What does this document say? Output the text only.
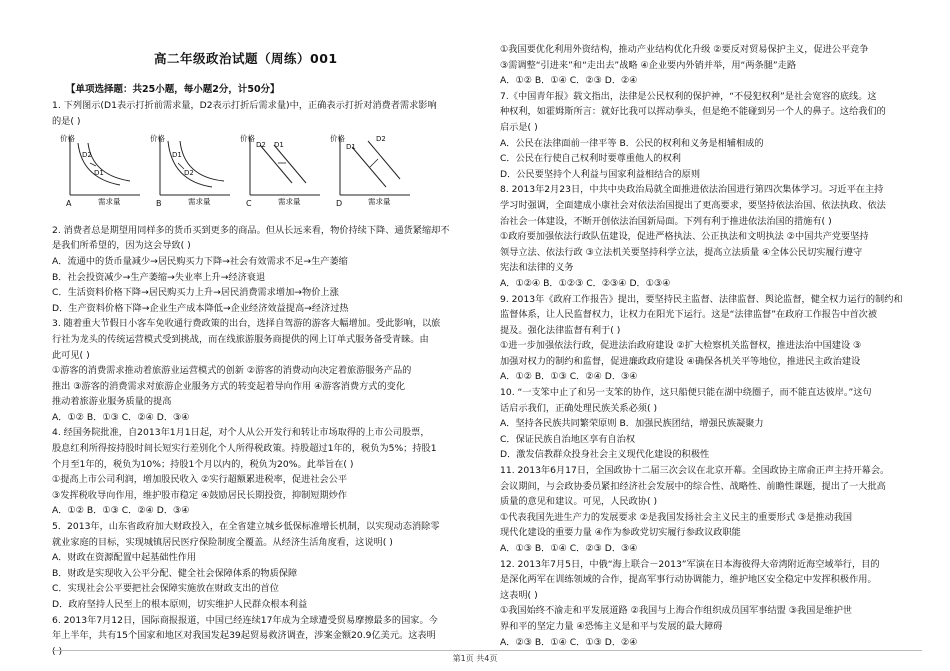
高二年级政治试题（周练）001
【单项选择题：共25小题，每小题2分，计50分】

1. 下列图示(D1表示打折前需求量，D2表示打折后需求量)中，正确表示打折对消费者需求影响

的是( )

2. 消费者总是期望用同样多的货币买到更多的商品。但从长远来看，物价持续下降、通货紧缩却不

是我们所希望的，因为这会导致( )

A．流通中的货币量减少→居民购买力下降→社会有效需求不足→生产萎缩

B．社会投资减少→生产萎缩→失业率上升→经济衰退

C．生活资料价格下降→居民购买力上升→居民消费需求增加→物价上涨

D．生产资料价格下降→企业生产成本降低→企业经济效益提高→经济过热

3. 随着重大节假日小客车免收通行费政策的出台，选择自驾游的游客大幅增加。受此影响，以旅

行社为龙头的传统运营模式受到挑战，而在线旅游服务商提供的网上订单式服务备受青睐。由

此可见( )

①游客的消费需求推动着旅游业运营模式的创新 ②游客的消费动向决定着旅游服务产品的

推出 ③游客的消费需求对旅游企业服务方式的转变起着导向作用 ④游客消费方式的变化

推动着旅游业服务质量的提高

A．①② B．①③ C．②④ D．③④

4. 经国务院批准，自2013年1月1日起，对个人从公开发行和转让市场取得的上市公司股票，

股息红利所得按持股时间长短实行差别化个人所得税政策。持股超过1年的，税负为5%；持股1

个月至1年的，税负为10%；持股1个月以内的，税负为20%。此举旨在( )

①提高上市公司利润，增加股民收入 ②实行超额累进税率，促进社会公平

③发挥税收导向作用，维护股市稳定 ④鼓励居民长期投资，抑制短期炒作

A．①② B．①③ C．②④ D．③④

5．2013年，山东省政府加大财政投入，在全省建立城乡低保标准增长机制，以实现动态消除零

就业家庭的目标，实现城镇居民医疗保险制度全覆盖。从经济生活角度看，这说明( )

A．财政在资源配置中起基础性作用

B．财政是实现收入公平分配、健全社会保障体系的物质保障

C．实现社会公平要把社会保障实施放在财政支出的首位

D．政府坚持人民至上的根本原则，切实维护人民群众根本利益

6. 2013年7月12日，国际商报报道，中国已经连续17年成为全球遭受贸易摩擦最多的国家。今

年上半年，共有15个国家和地区对我国发起39起贸易救济调查，涉案金额20.9亿美元。这表明

( )

①我国要优化利用外资结构，推动产业结构优化升级 ②要反对贸易保护主义，促进公平竞争

③需调整“引进来”和“走出去”战略 ④企业要内外销并举，用“两条腿”走路

A．①② B．①④ C．②③ D．②④

7.《中国青年报》载文指出，法律是公民权利的保护神，“不侵犯权利”是社会宽容的底线。这

种权利，如霍姆斯所言：就好比我可以挥动拳头，但是绝不能碰到另一个人的鼻子。这给我们的

启示是( )

A．公民在法律面前一律平等 B．公民的权利和义务是相辅相成的

C．公民在行使自己权利时要尊重他人的权利

D．公民要坚持个人利益与国家利益相结合的原则

8. 2013年2月23日，中共中央政治局就全面推进依法治国进行第四次集体学习。习近平在主持

学习时强调，全面建成小康社会对依法治国提出了更高要求，要坚持依法治国、依法执政、依法

治社会一体建设，不断开创依法治国新局面。下列有利于推进依法治国的措施有( )

①政府要加强依法行政队伍建设，促进严格执法、公正执法和文明执法 ②中国共产党要坚持

领导立法、依法行政 ③立法机关要坚持科学立法，提高立法质量 ④全体公民切实履行遵守

宪法和法律的义务

A．①②④ B．①②③ C．②③④ D．①③④

9. 2013年《政府工作报告》提出，要坚持民主监督、法律监督、舆论监督，健全权力运行的制约和

监督体系，让人民监督权力，让权力在阳光下运行。这是“法律监督”在政府工作报告中首次被

提及。强化法律监督有利于( )

①进一步加强依法行政，促进法治政府建设 ②扩大检察机关监督权，推进法治中国建设 ③

加强对权力的制约和监督，促进廉政政府建设 ④确保各机关平等地位，推进民主政治建设

A．①② B．①③ C．②④ D．③④

10. “一支笨中止了和另一支笨的协作，这只船便只能在湖中绕圈子，而不能直达彼岸。”这句

话启示我们，正确处理民族关系必须( )

A．坚持各民族共同繁荣原则 B．加强民族团结，增强民族凝聚力

C．保证民族自治地区享有自治权

D．激发信教群众投身社会主义现代化建设的积极性

11. 2013年6月17日，全国政协十二届三次会议在北京开幕。全国政协主席俞正声主持开幕会。

会议期间，与会政协委员紧扣经济社会发展中的综合性、战略性、前瞻性课题，提出了一大批高

质量的意见和建议。可见，人民政协( )

①代表我国先进生产力的发展要求 ②是我国发扬社会主义民主的重要形式 ③是推动我国

现代化建设的重要力量 ④作为参政党切实履行参政议政职能

A．①③ B．①④ C．②③ D．③④

12. 2013年7月5日，中俄“海上联合－2013”军演在日本海彼得大帝湾附近海空域举行，目的

是深化两军在训练领域的合作，提高军事行动协调能力，维护地区安全稳定中发挥积极作用。

这表明( )

①我国始终不渝走和平发展道路 ②我国与上海合作组织成员国军事结盟 ③我国是维护世

界和平的坚定力量 ④恐怖主义是和平与发展的最大障碍

A．②③ B．①④ C．①③ D．②④

价格
D2
D1
需求量
A
价格
D1
D2
需求量
B
价格
D2 D1
需求量
C
价格
D1
D2
需求量
D
第1页 共4页
